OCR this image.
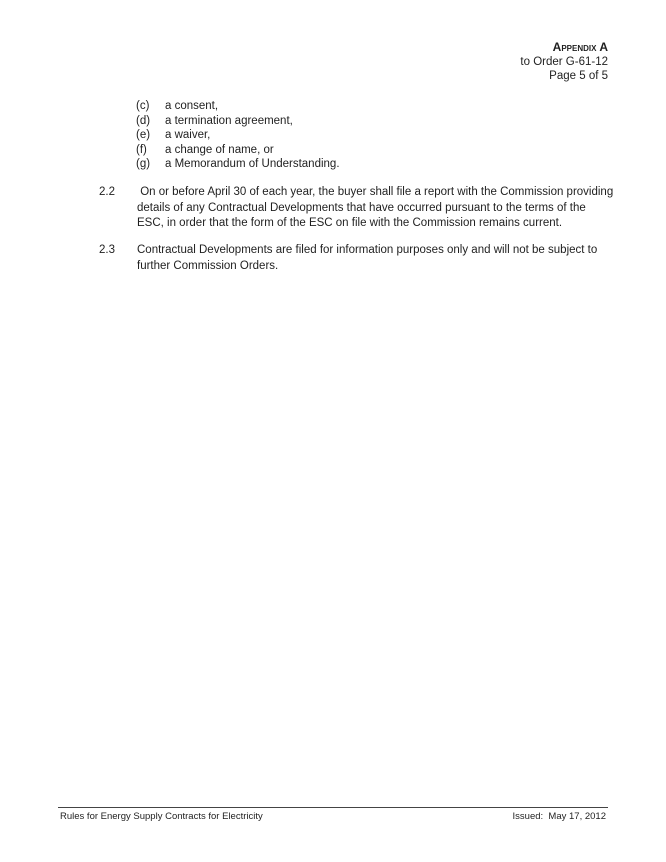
Appendix A
to Order G-61-12
Page 5 of 5
(c)	a consent,
(d)	a termination agreement,
(e)	a waiver,
(f)	a change of name, or
(g)	a Memorandum of Understanding.
2.2	On or before April 30 of each year, the buyer shall file a report with the Commission providing details of any Contractual Developments that have occurred pursuant to the terms of the ESC, in order that the form of the ESC on file with the Commission remains current.
2.3	Contractual Developments are filed for information purposes only and will not be subject to further Commission Orders.
Rules for Energy Supply Contracts for Electricity	Issued:  May 17, 2012
